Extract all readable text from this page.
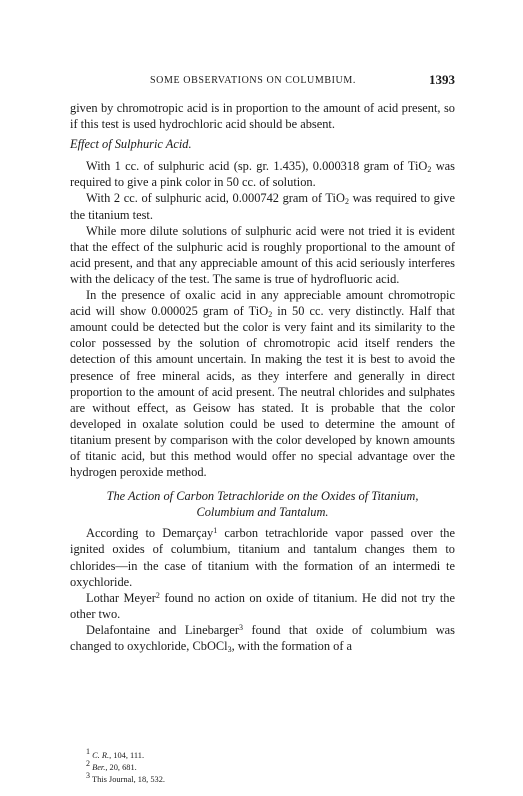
SOME OBSERVATIONS ON COLUMBIUM.	1393

given by chromotropic acid is in proportion to the amount of acid present, so if this test is used hydrochloric acid should be absent.

Effect of Sulphuric Acid.

With 1 cc. of sulphuric acid (sp. gr. 1.435), 0.000318 gram of TiO$_2$ was required to give a pink color in 50 cc. of solution.

With 2 cc. of sulphuric acid, 0.000742 gram of TiO$_2$ was required to give the titanium test.

While more dilute solutions of sulphuric acid were not tried it is evident that the effect of the sulphuric acid is roughly proportional to the amount of acid present, and that any appreciable amount of this acid seriously interferes with the delicacy of the test. The same is true of hydrofluoric acid.

In the presence of oxalic acid in any appreciable amount chromotropic acid will show 0.000025 gram of TiO$_2$ in 50 cc. very distinctly. Half that amount could be detected but the color is very faint and its similarity to the color possessed by the solution of chromotropic acid itself renders the detection of this amount uncertain. In making the test it is best to avoid the presence of free mineral acids, as they interfere and generally in direct proportion to the amount of acid present. The neutral chlorides and sulphates are without effect, as Geisow has stated. It is probable that the color developed in oxalate solution could be used to determine the amount of titanium present by comparison with the color developed by known amounts of titanic acid, but this method would offer no special advantage over the hydrogen peroxide method.

The Action of Carbon Tetrachloride on the Oxides of Titanium,
Columbium and Tantalum.

According to Demarçay$^1$ carbon tetrachloride vapor passed over the ignited oxides of columbium, titanium and tantalum changes them to chlorides—in the case of titanium with the formation of an intermedi te oxychloride.

Lothar Meyer$^2$ found no action on oxide of titanium. He did not try the other two.

Delafontaine and Linebarger$^3$ found that oxide of columbium was changed to oxychloride, CbOCl$_3$, with the formation of a

$^1$ C. R., 104, 111.
$^2$ Ber., 20, 681.
$^3$ This Journal, 18, 532.
